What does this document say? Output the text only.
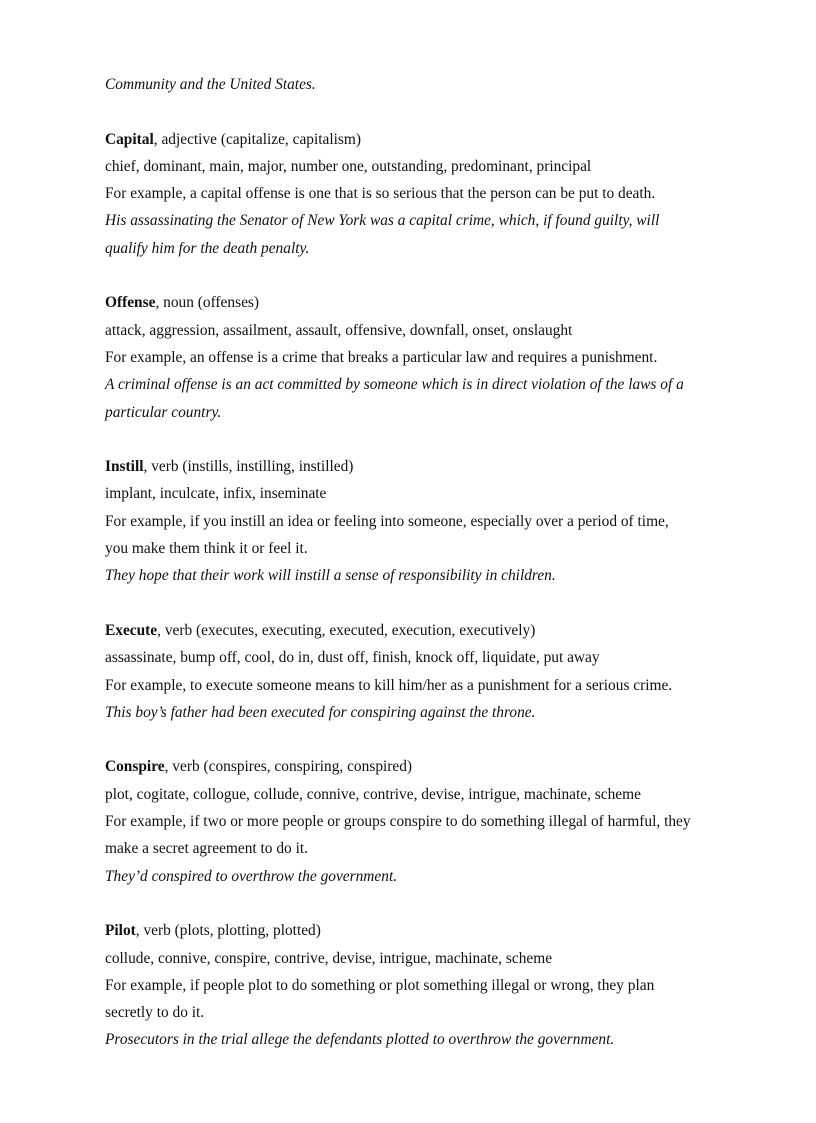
Community and the United States.
Capital, adjective (capitalize, capitalism)
chief, dominant, main, major, number one, outstanding, predominant, principal
For example, a capital offense is one that is so serious that the person can be put to death.
His assassinating the Senator of New York was a capital crime, which, if found guilty, will qualify him for the death penalty.
Offense, noun (offenses)
attack, aggression, assailment, assault, offensive, downfall, onset, onslaught
For example, an offense is a crime that breaks a particular law and requires a punishment.
A criminal offense is an act committed by someone which is in direct violation of the laws of a particular country.
Instill, verb (instills, instilling, instilled)
implant, inculcate, infix, inseminate
For example, if you instill an idea or feeling into someone, especially over a period of time, you make them think it or feel it.
They hope that their work will instill a sense of responsibility in children.
Execute, verb (executes, executing, executed, execution, executively)
assassinate, bump off, cool, do in, dust off, finish, knock off, liquidate, put away
For example, to execute someone means to kill him/her as a punishment for a serious crime.
This boy’s father had been executed for conspiring against the throne.
Conspire, verb (conspires, conspiring, conspired)
plot, cogitate, collogue, collude, connive, contrive, devise, intrigue, machinate, scheme
For example, if two or more people or groups conspire to do something illegal of harmful, they make a secret agreement to do it.
They’d conspired to overthrow the government.
Pilot, verb (plots, plotting, plotted)
collude, connive, conspire, contrive, devise, intrigue, machinate, scheme
For example, if people plot to do something or plot something illegal or wrong, they plan secretly to do it.
Prosecutors in the trial allege the defendants plotted to overthrow the government.
